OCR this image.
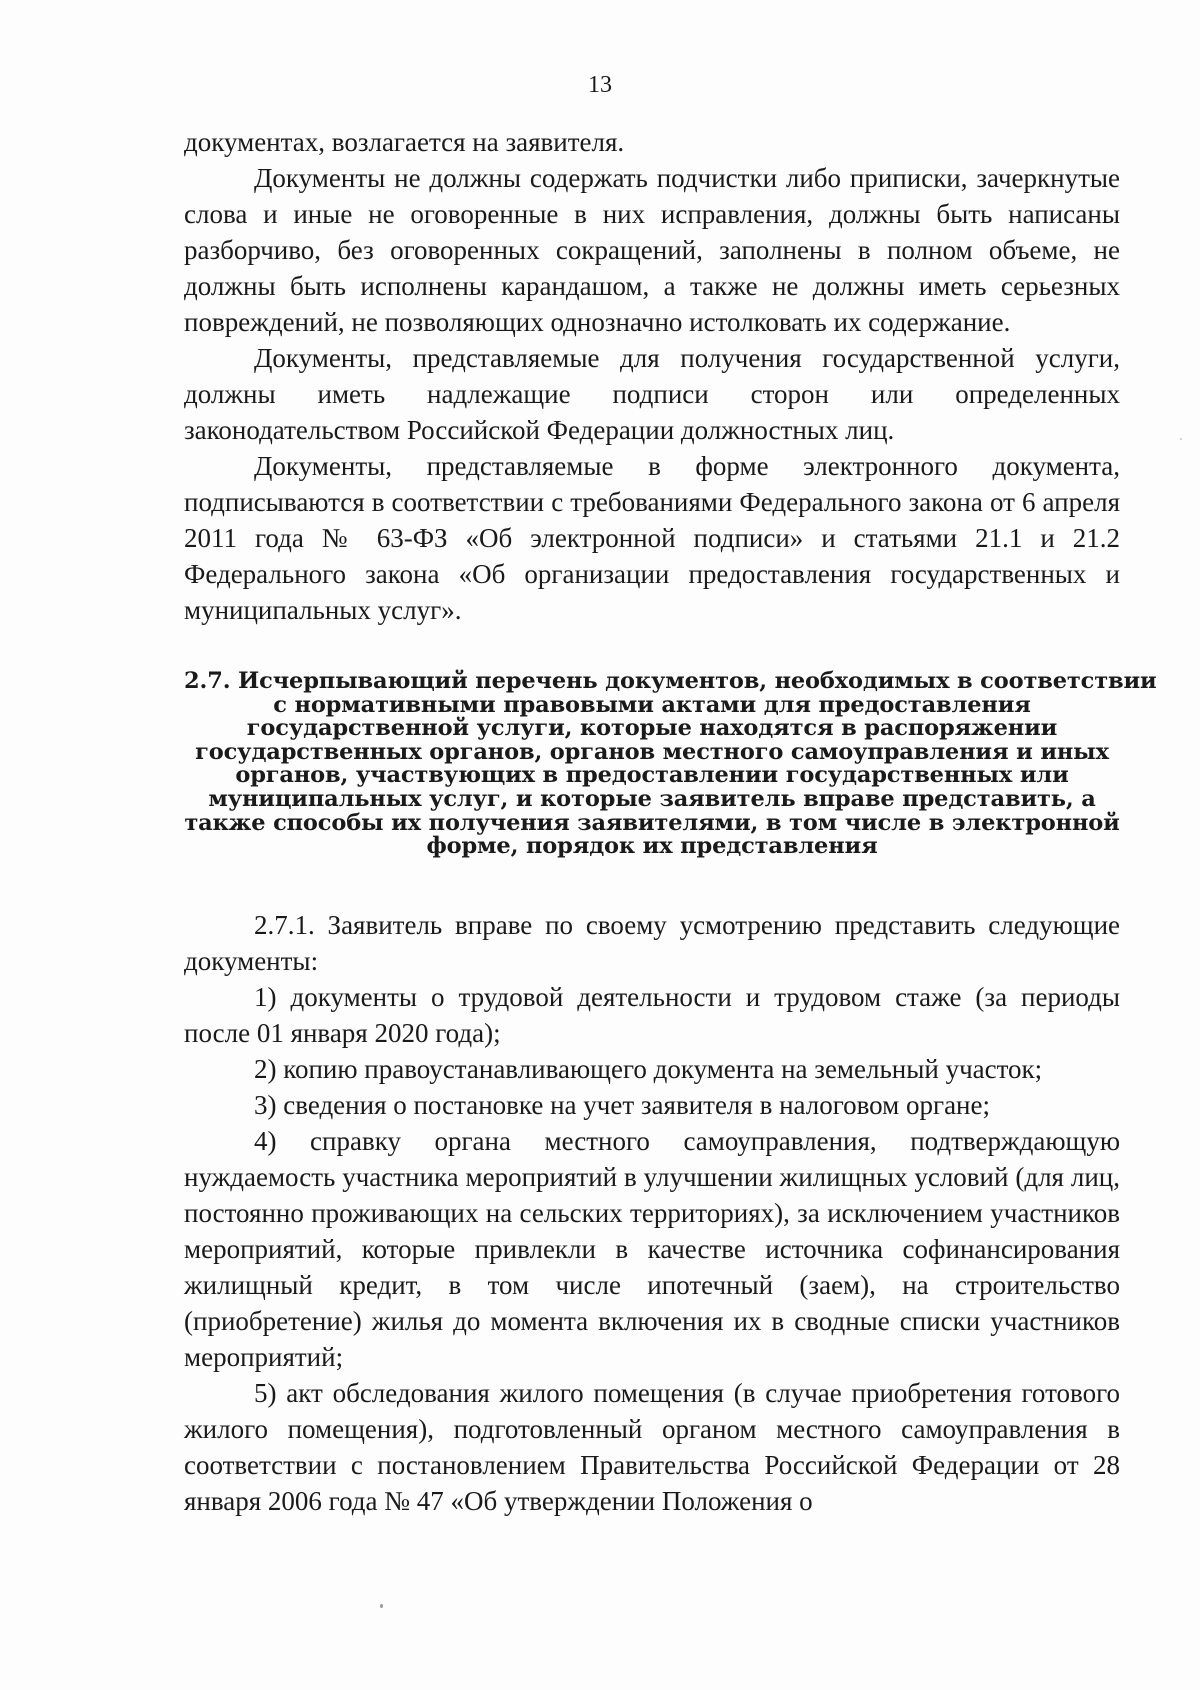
13

документах, возлагается на заявителя.

Документы не должны содержать подчистки либо приписки, зачеркнутые слова и иные не оговоренные в них исправления, должны быть написаны разборчиво, без оговоренных сокращений, заполнены в полном объеме, не должны быть исполнены карандашом, а также не должны иметь серьезных повреждений, не позволяющих однозначно истолковать их содержание.

Документы, представляемые для получения государственной услуги, должны иметь надлежащие подписи сторон или определенных законодательством Российской Федерации должностных лиц.

Документы, представляемые в форме электронного документа, подписываются в соответствии с требованиями Федерального закона от 6 апреля 2011 года № 63-ФЗ «Об электронной подписи» и статьями 21.1 и 21.2 Федерального закона «Об организации предоставления государственных и муниципальных услуг».

2.7. Исчерпывающий перечень документов, необходимых в соответствии
с нормативными правовыми актами для предоставления
государственной услуги, которые находятся в распоряжении
государственных органов, органов местного самоуправления и иных
органов, участвующих в предоставлении государственных или
муниципальных услуг, и которые заявитель вправе представить, а
также способы их получения заявителями, в том числе в электронной
форме, порядок их представления

2.7.1. Заявитель вправе по своему усмотрению представить следующие документы:

1) документы о трудовой деятельности и трудовом стаже (за периоды после 01 января 2020 года);

2) копию правоустанавливающего документа на земельный участок;

3) сведения о постановке на учет заявителя в налоговом органе;

4) справку органа местного самоуправления, подтверждающую нуждаемость участника мероприятий в улучшении жилищных условий (для лиц, постоянно проживающих на сельских территориях), за исключением участников мероприятий, которые привлекли в качестве источника софинансирования жилищный кредит, в том числе ипотечный (заем), на строительство (приобретение) жилья до момента включения их в сводные списки участников мероприятий;

5) акт обследования жилого помещения (в случае приобретения готового жилого помещения), подготовленный органом местного самоуправления в соответствии с постановлением Правительства Российской Федерации от 28 января 2006 года № 47 «Об утверждении Положения о
